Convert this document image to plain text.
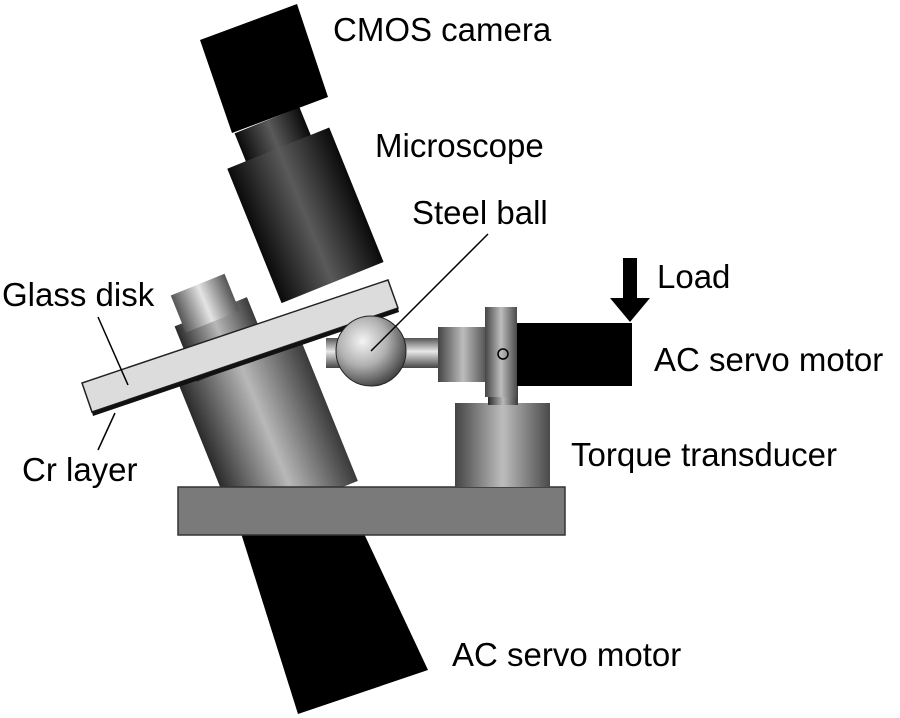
CMOS camera
Microscope
Steel ball
Glass disk	Load
AC servo motor
Cr layer	Torque transducer
AC servo motor
